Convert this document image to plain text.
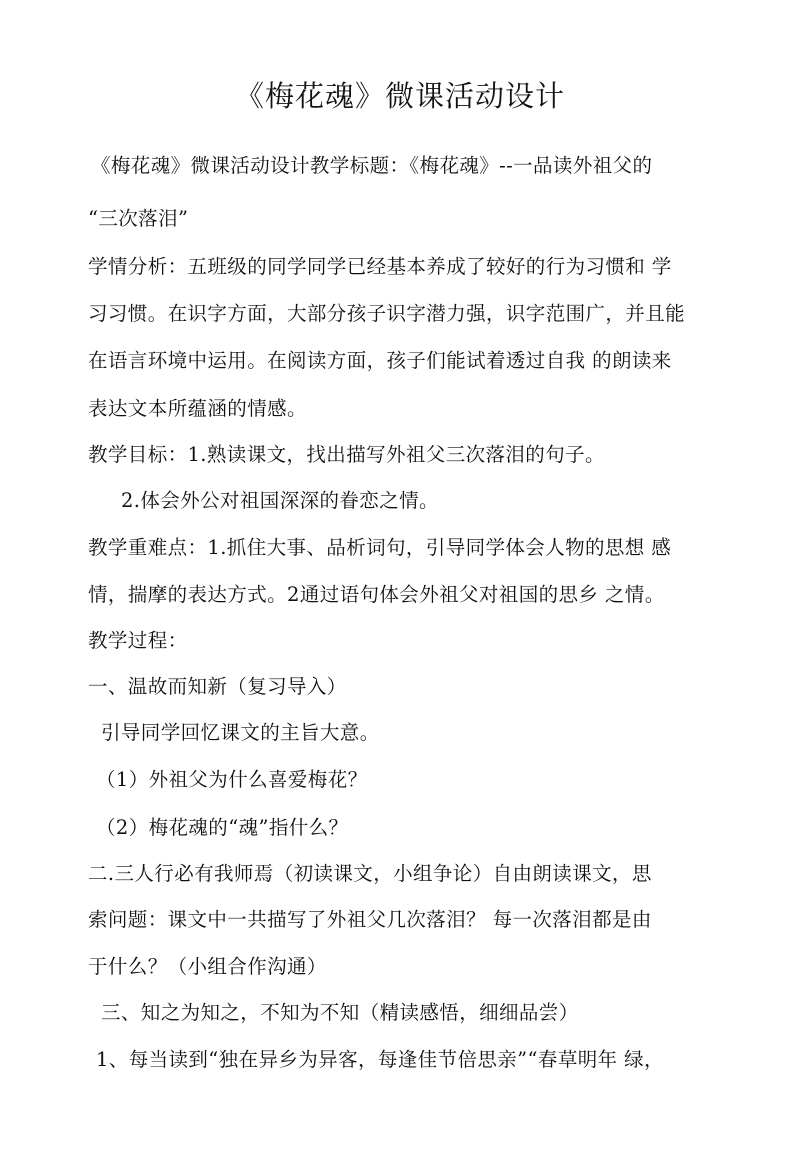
《梅花魂》微课活动设计
《梅花魂》微课活动设计教学标题：《梅花魂》--一品读外祖父的
“三次落泪”
学情分析：五班级的同学同学已经基本养成了较好的行为习惯和 学
习习惯。在识字方面，大部分孩子识字潜力强，识字范围广，并且能
在语言环境中运用。在阅读方面，孩子们能试着透过自我 的朗读来
表达文本所蕴涵的情感。
教学目标：1.熟读课文，找出描写外祖父三次落泪的句子。
2.体会外公对祖国深深的眷恋之情。
教学重难点：1.抓住大事、品析词句，引导同学体会人物的思想 感
情，揣摩的表达方式。2通过语句体会外祖父对祖国的思乡 之情。
教学过程：
一、温故而知新（复习导入）
引导同学回忆课文的主旨大意。
（1）外祖父为什么喜爱梅花？
（2）梅花魂的“魂”指什么？
二.三人行必有我师焉（初读课文，小组争论）自由朗读课文，思
索问题：课文中一共描写了外祖父几次落泪？ 每一次落泪都是由
于什么？（小组合作沟通）
三、知之为知之，不知为不知（精读感悟，细细品尝）
1、每当读到“独在异乡为异客，每逢佳节倍思亲”“春草明年 绿，
